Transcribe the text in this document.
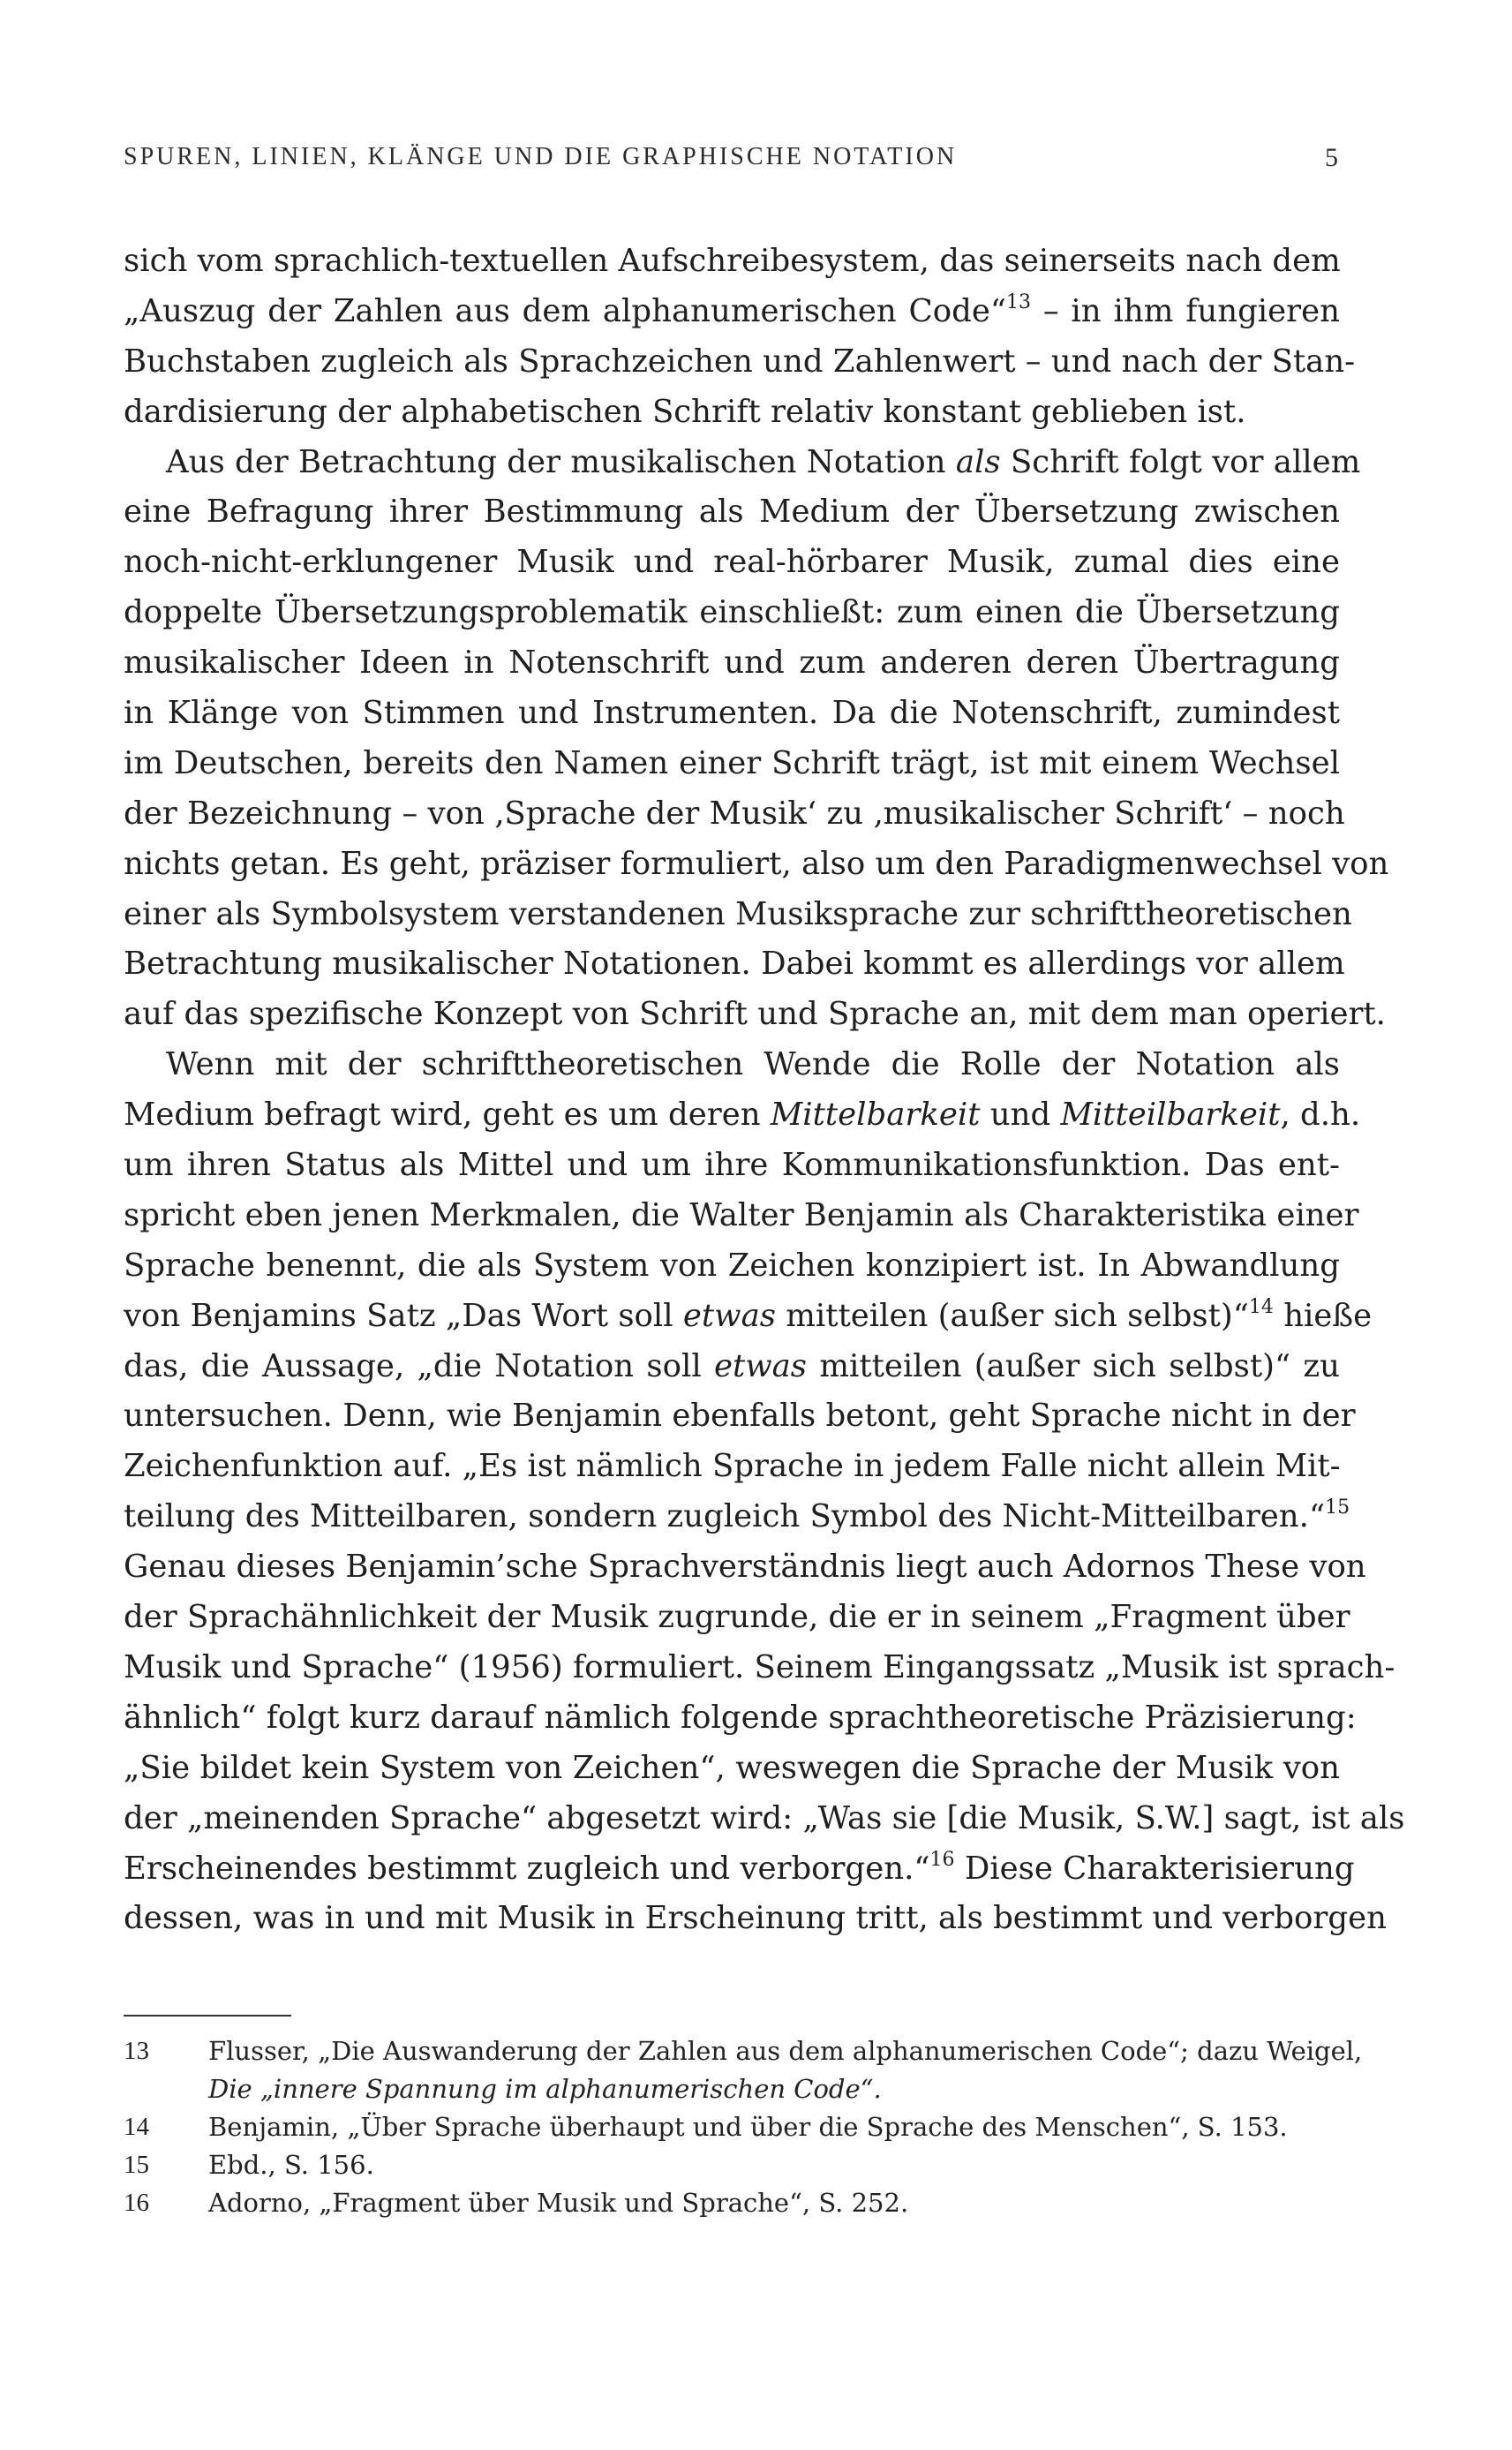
SPUREN, LINIEN, KLÄNGE UND DIE GRAPHISCHE NOTATION	5
sich vom sprachlich-textuellen Aufschreibesystem, das seinerseits nach dem
„Auszug der Zahlen aus dem alphanumerischen Code“$^{13}$ – in ihm fungieren
Buchstaben zugleich als Sprachzeichen und Zahlenwert – und nach der Stan-
dardisierung der alphabetischen Schrift relativ konstant geblieben ist.
Aus der Betrachtung der musikalischen Notation als Schrift folgt vor allem
eine Befragung ihrer Bestimmung als Medium der Übersetzung zwischen
noch-nicht-erklungener Musik und real-hörbarer Musik, zumal dies eine
doppelte Übersetzungsproblematik einschließt: zum einen die Übersetzung
musikalischer Ideen in Notenschrift und zum anderen deren Übertragung
in Klänge von Stimmen und Instrumenten. Da die Notenschrift, zumindest
im Deutschen, bereits den Namen einer Schrift trägt, ist mit einem Wechsel
der Bezeichnung – von ‚Sprache der Musik‘ zu ‚musikalischer Schrift‘ – noch
nichts getan. Es geht, präziser formuliert, also um den Paradigmenwechsel von
einer als Symbolsystem verstandenen Musiksprache zur schrifttheoretischen
Betrachtung musikalischer Notationen. Dabei kommt es allerdings vor allem
auf das spezifische Konzept von Schrift und Sprache an, mit dem man operiert.
Wenn mit der schrifttheoretischen Wende die Rolle der Notation als
Medium befragt wird, geht es um deren Mittelbarkeit und Mitteilbarkeit, d.h.
um ihren Status als Mittel und um ihre Kommunikationsfunktion. Das ent-
spricht eben jenen Merkmalen, die Walter Benjamin als Charakteristika einer
Sprache benennt, die als System von Zeichen konzipiert ist. In Abwandlung
von Benjamins Satz „Das Wort soll etwas mitteilen (außer sich selbst)“$^{14}$ hieße
das, die Aussage, „die Notation soll etwas mitteilen (außer sich selbst)“ zu
untersuchen. Denn, wie Benjamin ebenfalls betont, geht Sprache nicht in der
Zeichenfunktion auf. „Es ist nämlich Sprache in jedem Falle nicht allein Mit-
teilung des Mitteilbaren, sondern zugleich Symbol des Nicht-Mitteilbaren.“$^{15}$
Genau dieses Benjamin’sche Sprachverständnis liegt auch Adornos These von
der Sprachähnlichkeit der Musik zugrunde, die er in seinem „Fragment über
Musik und Sprache“ (1956) formuliert. Seinem Eingangssatz „Musik ist sprach-
ähnlich“ folgt kurz darauf nämlich folgende sprachtheoretische Präzisierung:
„Sie bildet kein System von Zeichen“, weswegen die Sprache der Musik von
der „meinenden Sprache“ abgesetzt wird: „Was sie [die Musik, S.W.] sagt, ist als
Erscheinendes bestimmt zugleich und verborgen.“$^{16}$ Diese Charakterisierung
dessen, was in und mit Musik in Erscheinung tritt, als bestimmt und verborgen
13 Flusser, „Die Auswanderung der Zahlen aus dem alphanumerischen Code“; dazu Weigel,
Die „innere Spannung im alphanumerischen Code“.
14 Benjamin, „Über Sprache überhaupt und über die Sprache des Menschen“, S. 153.
15 Ebd., S. 156.
16 Adorno, „Fragment über Musik und Sprache“, S. 252.
